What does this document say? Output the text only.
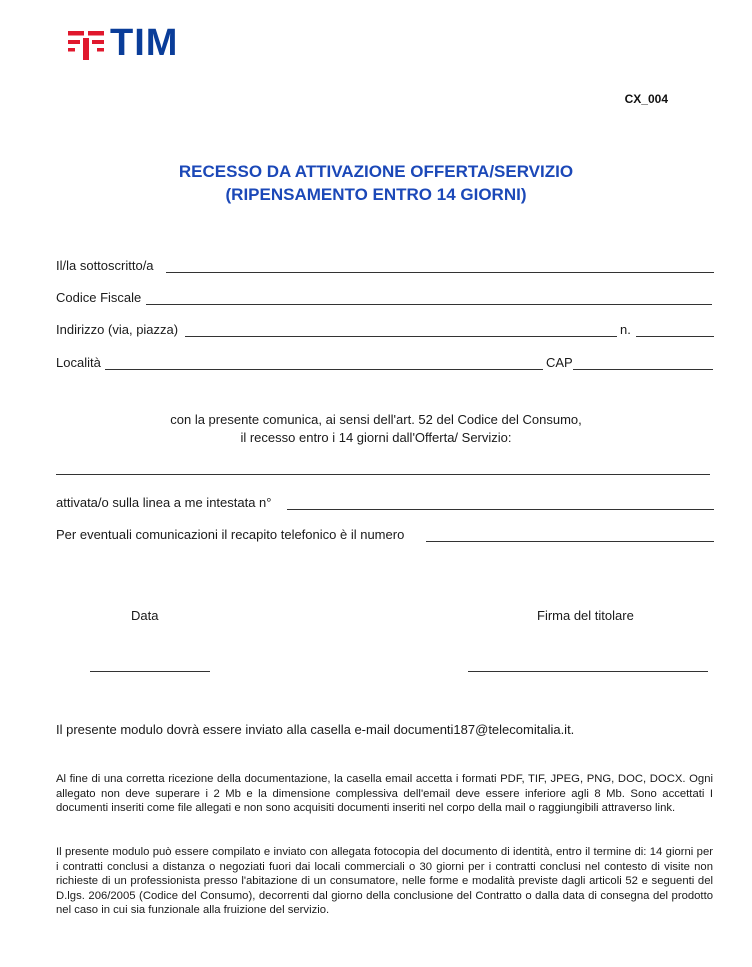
TIM
CX_004
RECESSO DA ATTIVAZIONE OFFERTA/SERVIZIO
(RIPENSAMENTO ENTRO 14 GIORNI)
Il/la sottoscritto/a
Codice Fiscale
Indirizzo (via, piazza)	n.
Località	CAP
con la presente comunica, ai sensi dell'art. 52 del Codice del Consumo,
il recesso entro i 14 giorni dall'Offerta/ Servizio:
attivata/o sulla linea a me intestata n°
Per eventuali comunicazioni il recapito telefonico è il numero
Data	Firma del titolare
Il presente modulo dovrà essere inviato alla casella e-mail documenti187@telecomitalia.it.
Al fine di una corretta ricezione della documentazione, la casella email accetta i formati PDF, TIF, JPEG, PNG, DOC, DOCX. Ogni allegato non deve superare i 2 Mb e la dimensione complessiva dell'email deve essere inferiore agli 8 Mb. Sono accettati I documenti inseriti come file allegati e non sono acquisiti documenti inseriti nel corpo della mail o raggiungibili attraverso link.
Il presente modulo può essere compilato e inviato con allegata fotocopia del documento di identità, entro il termine di: 14 giorni per i contratti conclusi a distanza o negoziati fuori dai locali commerciali o 30 giorni per i contratti conclusi nel contesto di visite non richieste di un professionista presso l'abitazione di un consumatore, nelle forme e modalità previste dagli articoli 52 e seguenti del D.lgs. 206/2005 (Codice del Consumo), decorrenti dal giorno della conclusione del Contratto o dalla data di consegna del prodotto nel caso in cui sia funzionale alla fruizione del servizio.
